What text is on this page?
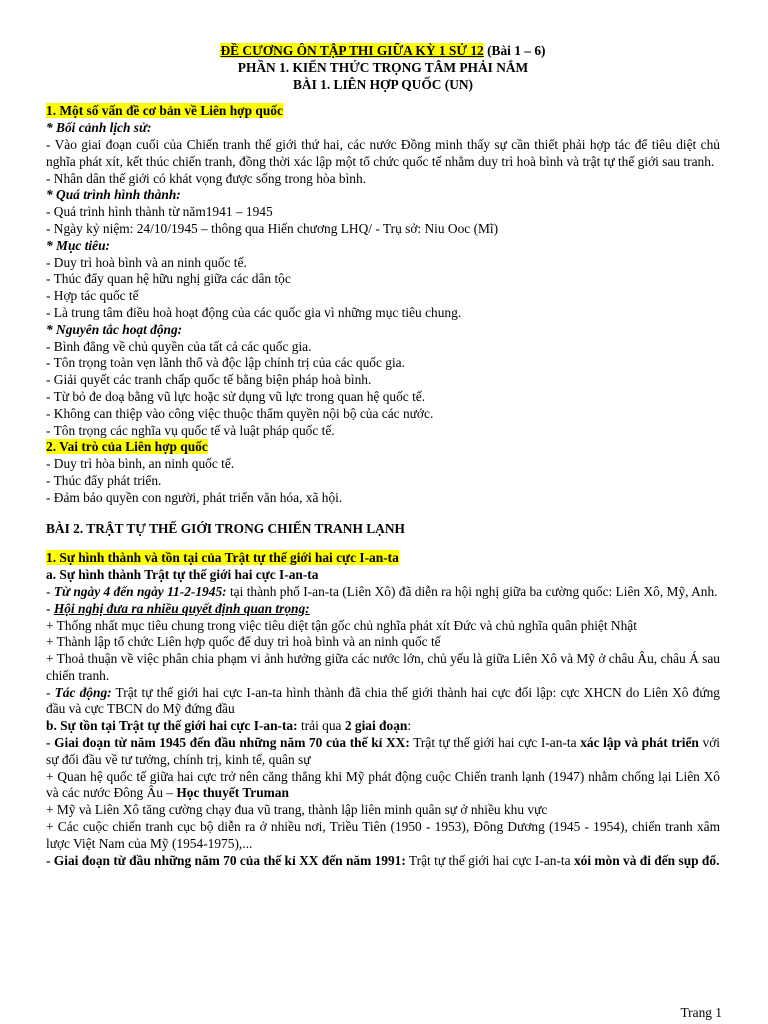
ĐỀ CƯƠNG ÔN TẬP THI GIỮA KỲ 1 SỬ 12 (Bài 1 – 6)
PHẦN 1. KIẾN THỨC TRỌNG TÂM PHẢI NẮM
BÀI 1. LIÊN HỢP QUỐC (UN)

1. Một số vấn đề cơ bản về Liên hợp quốc

* Bối cảnh lịch sử:

- Vào giai đoạn cuối của Chiến tranh thế giới thứ hai, các nước Đồng minh thấy sự cần thiết phải hợp tác để tiêu diệt chủ nghĩa phát xít, kết thúc chiến tranh, đồng thời xác lập một tổ chức quốc tế nhằm duy trì hoà bình và trật tự thế giới sau tranh.

- Nhân dân thế giới có khát vọng được sống trong hòa bình.

* Quá trình hình thành:

- Quá trình hình thành từ năm1941 – 1945

- Ngày kỷ niệm: 24/10/1945 – thông qua Hiến chương LHQ/ - Trụ sở: Niu Ooc (Mĩ)

* Mục tiêu:

- Duy trì hoà bình và an ninh quốc tế.

- Thúc đẩy quan hệ hữu nghị giữa các dân tộc

- Hợp tác quốc tế

- Là trung tâm điều hoà hoạt động của các quốc gia vì những mục tiêu chung.

* Nguyên tắc hoạt động:

- Bình đẳng về chủ quyền của tất cả các quốc gia.

- Tôn trọng toàn vẹn lãnh thổ và độc lập chính trị của các quốc gia.

- Giải quyết các tranh chấp quốc tế bằng biện pháp hoà bình.

- Từ bỏ đe doạ bằng vũ lực hoặc sử dụng vũ lực trong quan hệ quốc tế.

- Không can thiệp vào công việc thuộc thẩm quyền nội bộ của các nước.

- Tôn trọng các nghĩa vụ quốc tế và luật pháp quốc tế.

2. Vai trò của Liên hợp quốc

- Duy trì hòa bình, an ninh quốc tế.

- Thúc đẩy phát triển.

- Đảm bảo quyền con người, phát triển văn hóa, xã hội.

BÀI 2. TRẬT TỰ THẾ GIỚI TRONG CHIẾN TRANH LẠNH

1. Sự hình thành và tồn tại của Trật tự thế giới hai cực I-an-ta

a. Sự hình thành Trật tự thế giới hai cực I-an-ta

- Từ ngày 4 đến ngày 11-2-1945: tại thành phố I-an-ta (Liên Xô) đã diễn ra hội nghị giữa ba cường quốc: Liên Xô, Mỹ, Anh.

- Hội nghị đưa ra nhiều quyết định quan trọng:

+ Thống nhất mục tiêu chung trong việc tiêu diệt tận gốc chủ nghĩa phát xít Đức và chủ nghĩa quân phiệt Nhật

+ Thành lập tổ chức Liên hợp quốc để duy trì hoà bình và an ninh quốc tế

+ Thoả thuận về việc phân chia phạm vi ảnh hưởng giữa các nước lớn, chủ yếu là giữa Liên Xô và Mỹ ở châu Âu, châu Á sau chiến tranh.

- Tác động: Trật tự thế giới hai cực I-an-ta hình thành đã chia thế giới thành hai cực đối lập: cực XHCN do Liên Xô đứng đầu và cực TBCN do Mỹ đứng đầu

b. Sự tồn tại Trật tự thế giới hai cực I-an-ta: trải qua 2 giai đoạn:

- Giai đoạn từ năm 1945 đến đầu những năm 70 của thế kỉ XX: Trật tự thế giới hai cực I-an-ta xác lập và phát triển với sự đối đầu về tư tưởng, chính trị, kinh tế, quân sự

+ Quan hệ quốc tế giữa hai cực trở nên căng thẳng khi Mỹ phát động cuộc Chiến tranh lạnh (1947) nhằm chống lại Liên Xô và các nước Đông Âu – Học thuyết Truman

+ Mỹ và Liên Xô tăng cường chạy đua vũ trang, thành lập liên minh quân sự ở nhiều khu vực

+ Các cuộc chiến tranh cục bộ diễn ra ở nhiều nơi, Triều Tiên (1950 - 1953), Đông Dương (1945 - 1954), chiến tranh xâm lược Việt Nam của Mỹ (1954-1975),...

- Giai đoạn từ đầu những năm 70 của thế kỉ XX đến năm 1991: Trật tự thế giới hai cực I-an-ta xói mòn và đi đến sụp đổ.

Trang 1
